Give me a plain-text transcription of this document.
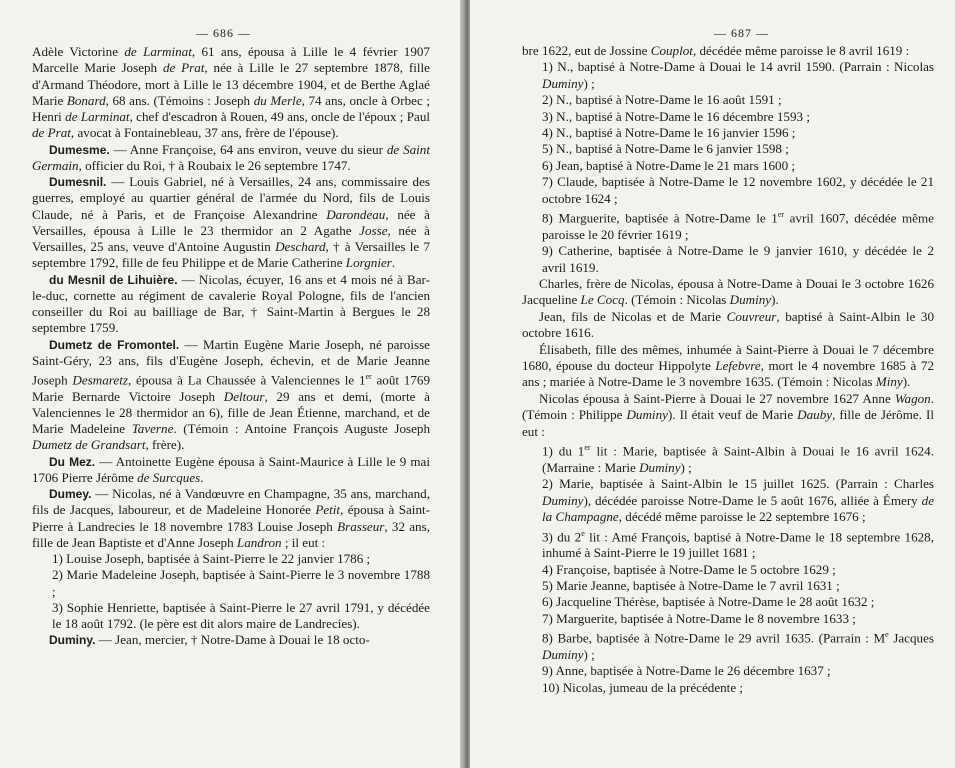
— 686 —

Adèle Victorine de Larminat, 61 ans, épousa à Lille le 4 février 1907 Marcelle Marie Joseph de Prat, née à Lille le 27 septembre 1878, fille d'Armand Théodore, mort à Lille le 13 décembre 1904, et de Berthe Aglaé Marie Bonard, 68 ans. (Témoins : Joseph du Merle, 74 ans, oncle à Orbec ; Henri de Larminat, chef d'escadron à Rouen, 49 ans, oncle de l'époux ; Paul de Prat, avocat à Fontainebleau, 37 ans, frère de l'épouse).

Dumesme. — Anne Françoise, 64 ans environ, veuve du sieur de Saint Germain, officier du Roi, † à Roubaix le 26 septembre 1747.

Dumesnil. — Louis Gabriel, né à Versailles, 24 ans, commissaire des guerres, employé au quartier général de l'armée du Nord, fils de Louis Claude, né à Paris, et de Françoise Alexandrine Darondeau, née à Versailles, épousa à Lille le 23 thermidor an 2 Agathe Josse, née à Versailles, 25 ans, veuve d'Antoine Augustin Deschard, † à Versailles le 7 septembre 1792, fille de feu Philippe et de Marie Catherine Lorgnier.

du Mesnil de Lihuière. — Nicolas, écuyer, 16 ans et 4 mois né à Bar-le-duc, cornette au régiment de cavalerie Royal Pologne, fils de l'ancien conseiller du Roi au bailliage de Bar, † Saint-Martin à Bergues le 28 septembre 1759.

Dumetz de Fromontel. — Martin Eugène Marie Joseph, né paroisse Saint-Géry, 23 ans, fils d'Eugène Joseph, échevin, et de Marie Jeanne Joseph Desmaretz, épousa à La Chaussée à Valenciennes le 1er août 1769 Marie Bernardе Victoire Joseph Deltour, 29 ans et demi, (morte à Valenciennes le 28 thermidor an 6), fille de Jean Étienne, marchand, et de Marie Madeleine Taverne. (Témoin : Antoine François Auguste Joseph Dumetz de Grandsart, frère).

Du Mez. — Antoinette Eugène épousa à Saint-Maurice à Lille le 9 mai 1706 Pierre Jérôme de Surcques.

Dumey. — Nicolas, né à Vandœuvre en Champagne, 35 ans, marchand, fils de Jacques, laboureur, et de Madeleine Honorée Petit, épousa à Saint-Pierre à Landrecies le 18 novembre 1783 Louise Joseph Brasseur, 32 ans, fille de Jean Baptiste et d'Anne Joseph Landron ; il eut :

1) Louise Joseph, baptisée à Saint-Pierre le 22 janvier 1786 ;

2) Marie Madeleine Joseph, baptisée à Saint-Pierre le 3 novembre 1788 ;

3) Sophie Henriette, baptisée à Saint-Pierre le 27 avril 1791, y décédée le 18 août 1792. (le père est dit alors maire de Landrecies).

Duminy. — Jean, mercier, † Notre-Dame à Douai le 18 octo-

— 687 —

bre 1622, eut de Jossine Couplot, décédée même paroisse le 8 avril 1619 :

1) N., baptisé à Notre-Dame à Douai le 14 avril 1590. (Parrain : Nicolas Duminy) ;

2) N., baptisé à Notre-Dame le 16 août 1591 ;

3) N., baptisé à Notre-Dame le 16 décembre 1593 ;

4) N., baptisé à Notre-Dame le 16 janvier 1596 ;

5) N., baptisé à Notre-Dame le 6 janvier 1598 ;

6) Jean, baptisé à Notre-Dame le 21 mars 1600 ;

7) Claude, baptisée à Notre-Dame le 12 novembre 1602, y décédée le 21 octobre 1624 ;

8) Marguerite, baptisée à Notre-Dame le 1er avril 1607, décédée même paroisse le 20 février 1619 ;

9) Catherine, baptisée à Notre-Dame le 9 janvier 1610, y décédée le 2 avril 1619.

Charles, frère de Nicolas, épousa à Notre-Dame à Douai le 3 octobre 1626 Jacqueline Le Cocq. (Témoin : Nicolas Duminy).

Jean, fils de Nicolas et de Marie Couvreur, baptisé à Saint-Albin le 30 octobre 1616.

Élisabeth, fille des mêmes, inhumée à Saint-Pierre à Douai le 7 décembre 1680, épouse du docteur Hippolyte Lefebvre, mort le 4 novembre 1685 à 72 ans ; mariée à Notre-Dame le 3 novembre 1635. (Témoin : Nicolas Miny).

Nicolas épousa à Saint-Pierre à Douai le 27 novembre 1627 Anne Wagon. (Témoin : Philippe Duminy). Il était veuf de Marie Dauby, fille de Jérôme. Il eut :

1) du 1er lit : Marie, baptisée à Saint-Albin à Douai le 16 avril 1624. (Marraine : Marie Duminy) ;

2) Marie, baptisée à Saint-Albin le 15 juillet 1625. (Parrain : Charles Duminy), décédée paroisse Notre-Dame le 5 août 1676, alliée à Émery de la Champagne, décédé même paroisse le 22 septembre 1676 ;

3) du 2e lit : Amé François, baptisé à Notre-Dame le 18 septembre 1628, inhumé à Saint-Pierre le 19 juillet 1681 ;

4) Françoise, baptisée à Notre-Dame le 5 octobre 1629 ;

5) Marie Jeanne, baptisée à Notre-Dame le 7 avril 1631 ;

6) Jacqueline Thérèse, baptisée à Notre-Dame le 28 août 1632 ;

7) Marguerite, baptisée à Notre-Dame le 8 novembre 1633 ;

8) Barbe, baptisée à Notre-Dame le 29 avril 1635. (Parrain : Me Jacques Duminy) ;

9) Anne, baptisée à Notre-Dame le 26 décembre 1637 ;

10) Nicolas, jumeau de la précédente ;
